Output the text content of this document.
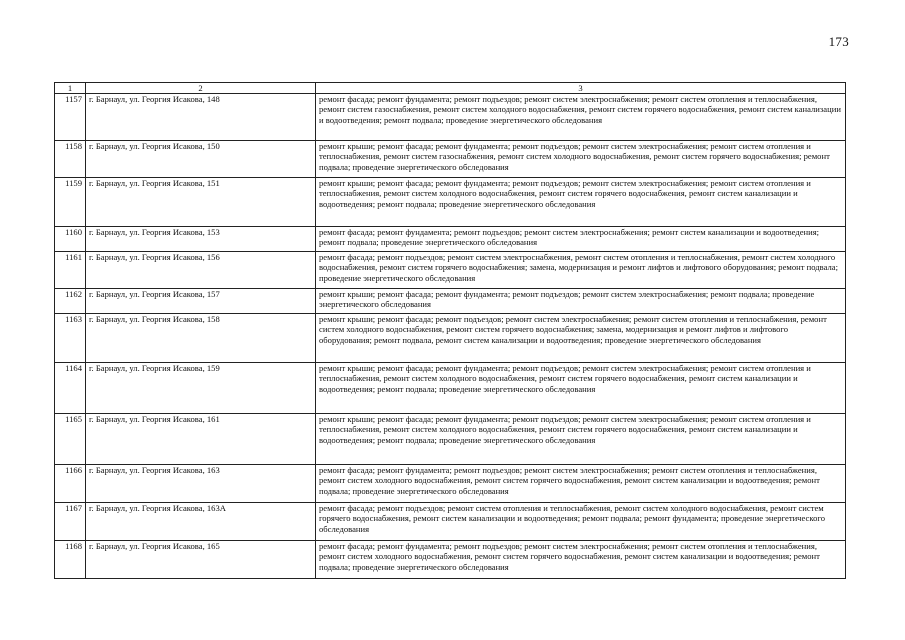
173
1	2	3
1157	г. Барнаул, ул. Георгия Исакова, 148	ремонт фасада; ремонт фундамента; ремонт подъездов; ремонт систем электроснабжения; ремонт систем отопления и теплоснабжения, ремонт систем газоснабжения, ремонт систем холодного водоснабжения, ремонт систем горячего водоснабжения, ремонт систем канализации и водоотведения; ремонт подвала; проведение энергетического обследования
1158	г. Барнаул, ул. Георгия Исакова, 150	ремонт крыши; ремонт фасада; ремонт фундамента; ремонт подъездов; ремонт систем электроснабжения; ремонт систем отопления и теплоснабжения, ремонт систем газоснабжения, ремонт систем холодного водоснабжения, ремонт систем горячего водоснабжения; ремонт подвала; проведение энергетического обследования
1159	г. Барнаул, ул. Георгия Исакова, 151	ремонт крыши; ремонт фасада; ремонт фундамента; ремонт подъездов; ремонт систем электроснабжения; ремонт систем отопления и теплоснабжения, ремонт систем холодного водоснабжения, ремонт систем горячего водоснабжения, ремонт систем канализации и водоотведения; ремонт подвала; проведение энергетического обследования
1160	г. Барнаул, ул. Георгия Исакова, 153	ремонт фасада; ремонт фундамента; ремонт подъездов; ремонт систем электроснабжения; ремонт систем канализации и водоотведения; ремонт подвала; проведение энергетического обследования
1161	г. Барнаул, ул. Георгия Исакова, 156	ремонт фасада; ремонт подъездов; ремонт систем электроснабжения, ремонт систем отопления и теплоснабжения, ремонт систем холодного водоснабжения, ремонт систем горячего водоснабжения; замена, модернизация и ремонт лифтов и лифтового оборудования; ремонт подвала; проведение энергетического обследования
1162	г. Барнаул, ул. Георгия Исакова, 157	ремонт крыши; ремонт фасада; ремонт фундамента; ремонт подъездов; ремонт систем электроснабжения; ремонт подвала; проведение энергетического обследования
1163	г. Барнаул, ул. Георгия Исакова, 158	ремонт крыши; ремонт фасада; ремонт подъездов; ремонт систем электроснабжения; ремонт систем отопления и теплоснабжения, ремонт систем холодного водоснабжения, ремонт систем горячего водоснабжения; замена, модернизация и ремонт лифтов и лифтового оборудования; ремонт подвала, ремонт систем канализации и водоотведения; проведение энергетического обследования
1164	г. Барнаул, ул. Георгия Исакова, 159	ремонт крыши; ремонт фасада; ремонт фундамента; ремонт подъездов; ремонт систем электроснабжения; ремонт систем отопления и теплоснабжения, ремонт систем холодного водоснабжения, ремонт систем горячего водоснабжения, ремонт систем канализации и водоотведения; ремонт подвала; проведение энергетического обследования
1165	г. Барнаул, ул. Георгия Исакова, 161	ремонт крыши; ремонт фасада; ремонт фундамента; ремонт подъездов; ремонт систем электроснабжения; ремонт систем отопления и теплоснабжения, ремонт систем холодного водоснабжения, ремонт систем горячего водоснабжения, ремонт систем канализации и водоотведения; ремонт подвала; проведение энергетического обследования
1166	г. Барнаул, ул. Георгия Исакова, 163	ремонт фасада; ремонт фундамента; ремонт подъездов; ремонт систем электроснабжения; ремонт систем отопления и теплоснабжения, ремонт систем холодного водоснабжения, ремонт систем горячего водоснабжения, ремонт систем канализации и водоотведения; ремонт подвала; проведение энергетического обследования
1167	г. Барнаул, ул. Георгия Исакова, 163А	ремонт фасада; ремонт подъездов; ремонт систем отопления и теплоснабжения, ремонт систем холодного водоснабжения, ремонт систем горячего водоснабжения, ремонт систем канализации и водоотведения; ремонт подвала; ремонт фундамента; проведение энергетического обследования
1168	г. Барнаул, ул. Георгия Исакова, 165	ремонт фасада; ремонт фундамента; ремонт подъездов; ремонт систем электроснабжения; ремонт систем отопления и теплоснабжения, ремонт систем холодного водоснабжения, ремонт систем горячего водоснабжения, ремонт систем канализации и водоотведения; ремонт подвала; проведение энергетического обследования
